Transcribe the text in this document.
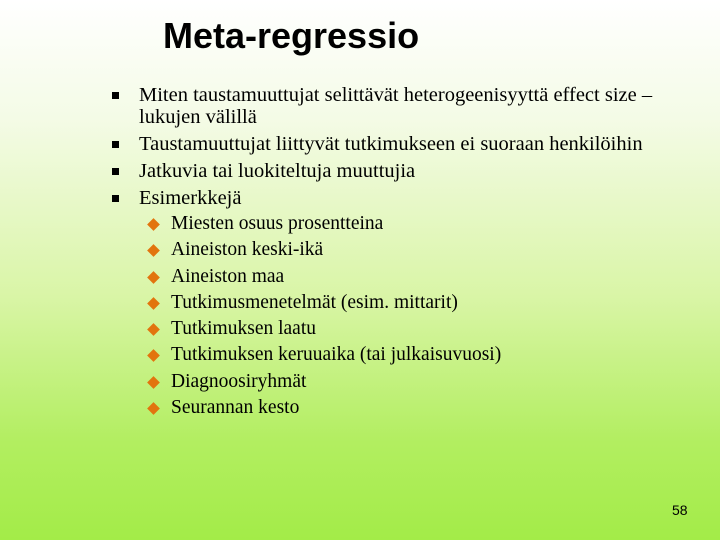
Meta-regressio
Miten taustamuuttujat selittävät heterogeenisyyttä effect size –lukujen välillä
Taustamuuttujat liittyvät tutkimukseen ei suoraan henkilöihin
Jatkuvia tai luokiteltuja muuttujia
Esimerkkejä
Miesten osuus prosentteina
Aineiston keski-ikä
Aineiston maa
Tutkimusmenetelmät (esim. mittarit)
Tutkimuksen laatu
Tutkimuksen keruuaika (tai julkaisuvuosi)
Diagnoosiryhmät
Seurannan kesto
58
